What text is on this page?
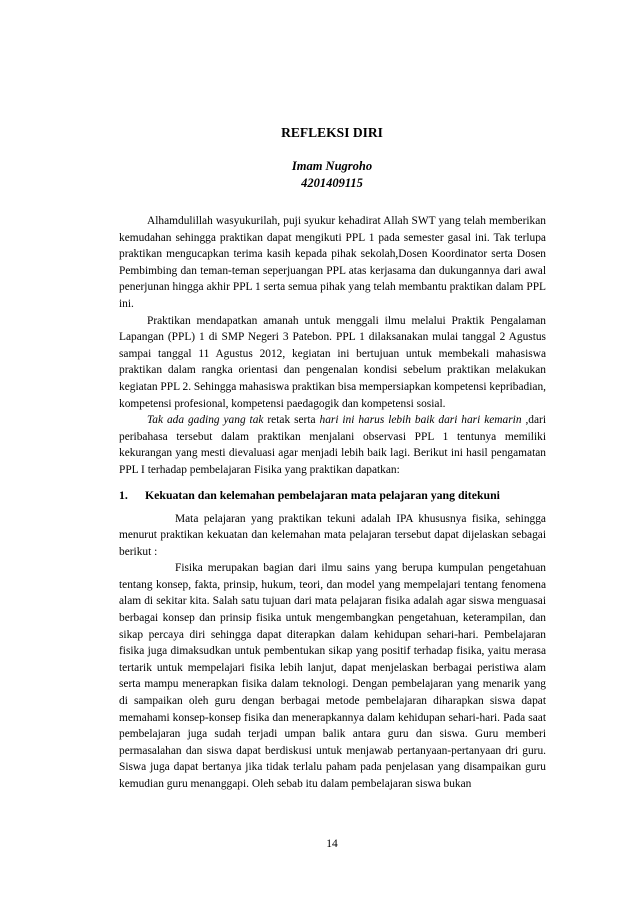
REFLEKSI DIRI
Imam Nugroho
4201409115

Alhamdulillah wasyukurilah, puji syukur kehadirat Allah SWT yang telah memberikan kemudahan sehingga praktikan dapat mengikuti PPL 1 pada semester gasal ini. Tak terlupa praktikan mengucapkan terima kasih kepada pihak sekolah,Dosen Koordinator serta Dosen Pembimbing dan teman-teman seperjuangan PPL atas kerjasama dan dukungannya dari awal penerjunan hingga akhir PPL 1 serta semua pihak yang telah membantu praktikan dalam PPL ini.

Praktikan mendapatkan amanah untuk menggali ilmu melalui Praktik Pengalaman Lapangan (PPL) 1 di SMP Negeri 3 Patebon. PPL 1 dilaksanakan mulai tanggal 2 Agustus sampai tanggal 11 Agustus 2012, kegiatan ini bertujuan untuk membekali mahasiswa praktikan dalam rangka orientasi dan pengenalan kondisi sebelum praktikan melakukan kegiatan PPL 2. Sehingga mahasiswa praktikan bisa mempersiapkan kompetensi kepribadian, kompetensi profesional, kompetensi paedagogik dan kompetensi sosial.

Tak ada gading yang tak retak serta hari ini harus lebih baik dari hari kemarin ,dari peribahasa tersebut dalam praktikan menjalani observasi PPL 1 tentunya memiliki kekurangan yang mesti dievaluasi agar menjadi lebih baik lagi. Berikut ini hasil pengamatan PPL I terhadap pembelajaran Fisika yang praktikan dapatkan:

1.	Kekuatan dan kelemahan pembelajaran mata pelajaran yang ditekuni

Mata pelajaran yang praktikan tekuni adalah IPA khususnya fisika, sehingga menurut praktikan kekuatan dan kelemahan mata pelajaran tersebut dapat dijelaskan sebagai berikut :

Fisika merupakan bagian dari ilmu sains yang berupa kumpulan pengetahuan tentang konsep, fakta, prinsip, hukum, teori, dan model yang mempelajari tentang fenomena alam di sekitar kita. Salah satu tujuan dari mata pelajaran fisika adalah agar siswa menguasai berbagai konsep dan prinsip fisika untuk mengembangkan pengetahuan, keterampilan, dan sikap percaya diri sehingga dapat diterapkan dalam kehidupan sehari-hari. Pembelajaran fisika juga dimaksudkan untuk pembentukan sikap yang positif terhadap fisika, yaitu merasa tertarik untuk mempelajari fisika lebih lanjut, dapat menjelaskan berbagai peristiwa alam serta mampu menerapkan fisika dalam teknologi. Dengan pembelajaran yang menarik yang di sampaikan oleh guru dengan berbagai metode pembelajaran diharapkan siswa dapat memahami konsep-konsep fisika dan menerapkannya dalam kehidupan sehari-hari. Pada saat pembelajaran juga sudah terjadi umpan balik antara guru dan siswa. Guru memberi permasalahan dan siswa dapat berdiskusi untuk menjawab pertanyaan-pertanyaan dri guru. Siswa juga dapat bertanya jika tidak terlalu paham pada penjelasan yang disampaikan guru kemudian guru menanggapi. Oleh sebab itu dalam pembelajaran siswa bukan

14
